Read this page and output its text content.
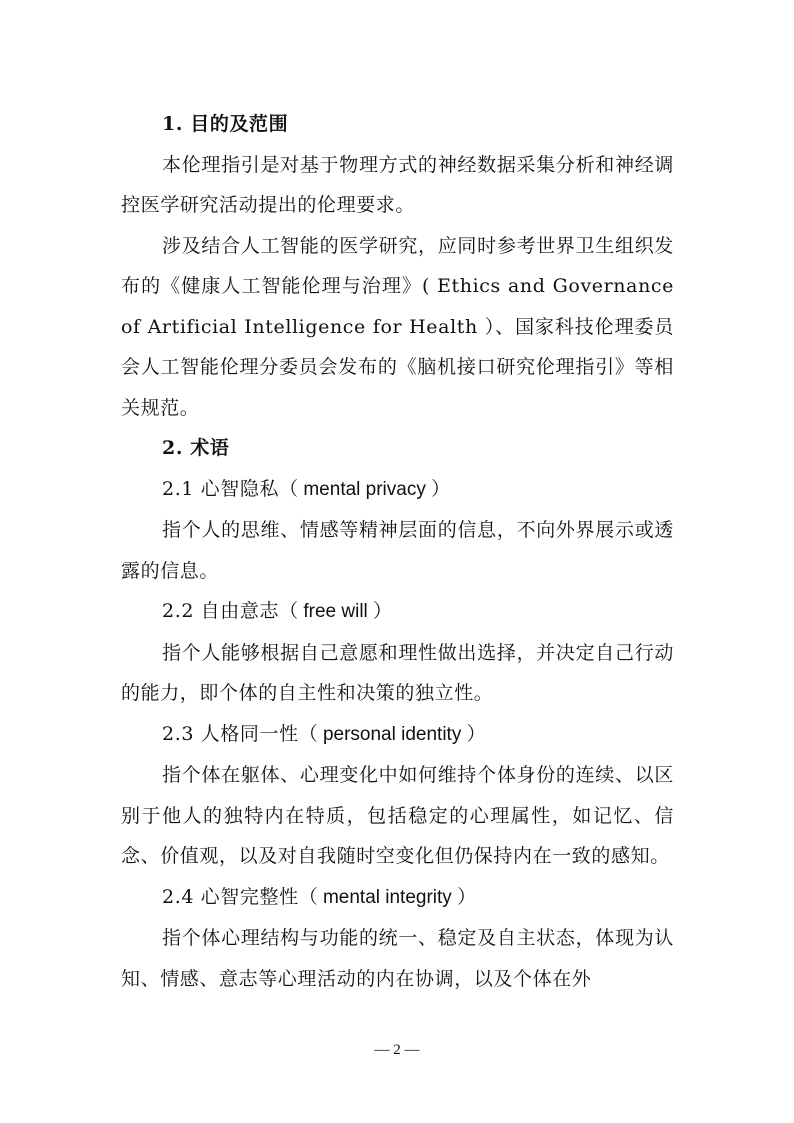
1. 目的及范围

本伦理指引是对基于物理方式的神经数据采集分析和神经调控医学研究活动提出的伦理要求。

涉及结合人工智能的医学研究，应同时参考世界卫生组织发布的《健康人工智能伦理与治理》( Ethics and Governance of Artificial Intelligence for Health ）、国家科技伦理委员会人工智能伦理分委员会发布的《脑机接口研究伦理指引》等相关规范。

2. 术语

2.1 心智隐私（ mental privacy ）

指个人的思维、情感等精神层面的信息，不向外界展示或透露的信息。

2.2 自由意志（ free will ）

指个人能够根据自己意愿和理性做出选择，并决定自己行动的能力，即个体的自主性和决策的独立性。

2.3 人格同一性（ personal identity ）

指个体在躯体、心理变化中如何维持个体身份的连续、以区别于他人的独特内在特质，包括稳定的心理属性，如记忆、信念、价值观，以及对自我随时空变化但仍保持内在一致的感知。

2.4 心智完整性（ mental integrity ）

指个体心理结构与功能的统一、稳定及自主状态，体现为认知、情感、意志等心理活动的内在协调，以及个体在外

— 2 —
